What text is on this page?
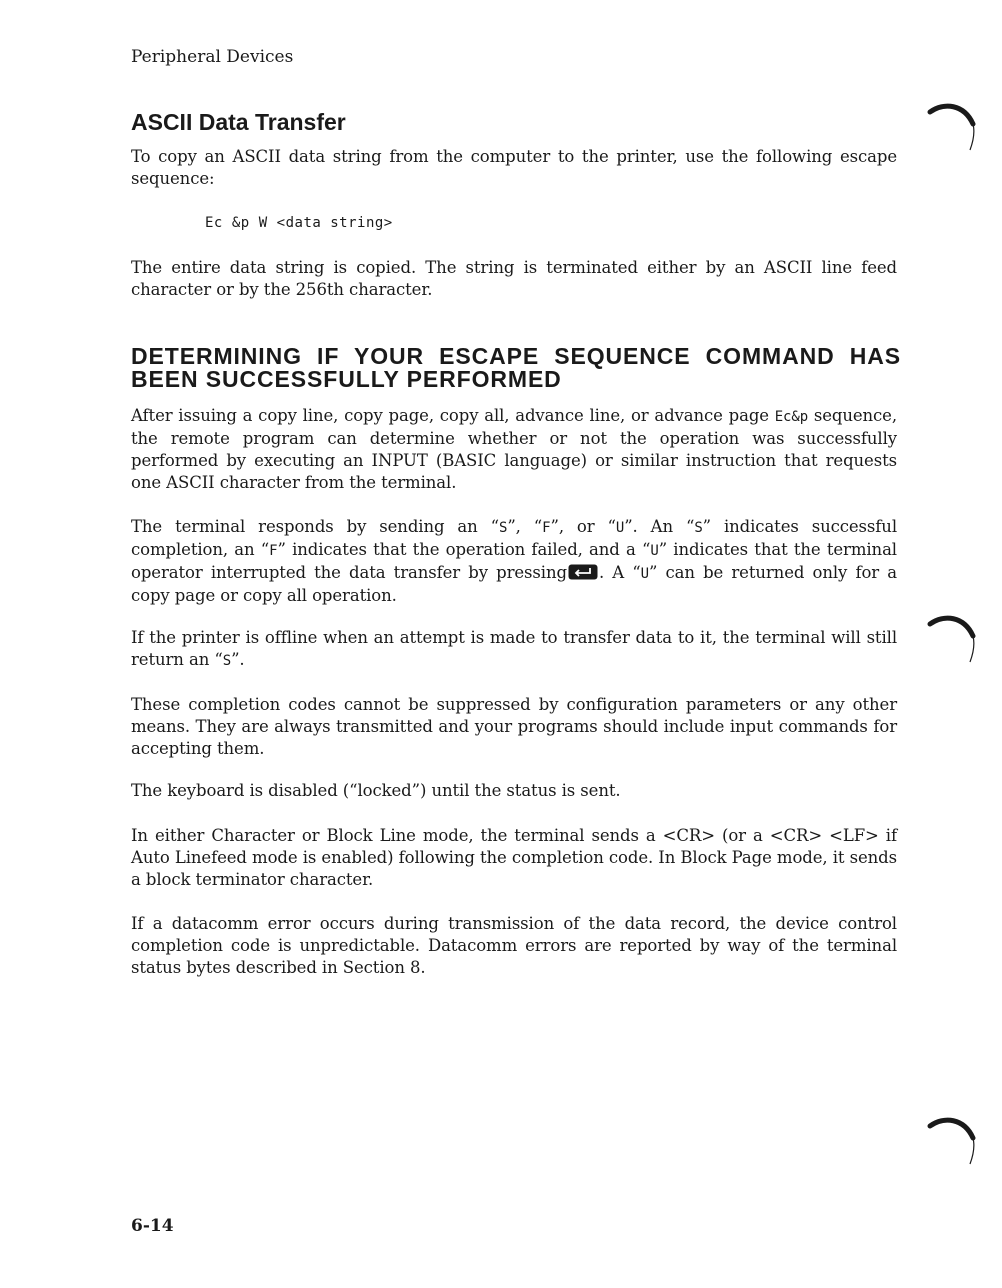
Peripheral Devices
ASCII Data Transfer

To copy an ASCII data string from the computer to the printer, use the following escape sequence:

Ec &p W <data string>

The entire data string is copied. The string is terminated either by an ASCII line feed character or by the 256th character.

DETERMINING IF YOUR ESCAPE SEQUENCE COMMAND HAS
BEEN SUCCESSFULLY PERFORMED

After issuing a copy line, copy page, copy all, advance line, or advance page Ec&p sequence, the remote program can determine whether or not the operation was successfully performed by executing an INPUT (BASIC language) or similar instruction that requests one ASCII character from the terminal.

The terminal responds by sending an “S”, “F”, or “U”. An “S” indicates successful completion, an “F” indicates that the operation failed, and a “U” indicates that the terminal operator interrupted the data transfer by pressing . A “U” can be returned only for a copy page or copy all operation.

If the printer is offline when an attempt is made to transfer data to it, the terminal will still return an “S”.

These completion codes cannot be suppressed by configuration parameters or any other means. They are always transmitted and your programs should include input commands for accepting them.

The keyboard is disabled (“locked”) until the status is sent.

In either Character or Block Line mode, the terminal sends a <CR> (or a <CR> <LF> if Auto Linefeed mode is enabled) following the completion code. In Block Page mode, it sends a block terminator character.

If a datacomm error occurs during transmission of the data record, the device control completion code is unpredictable. Datacomm errors are reported by way of the terminal status bytes described in Section 8.

6-14
